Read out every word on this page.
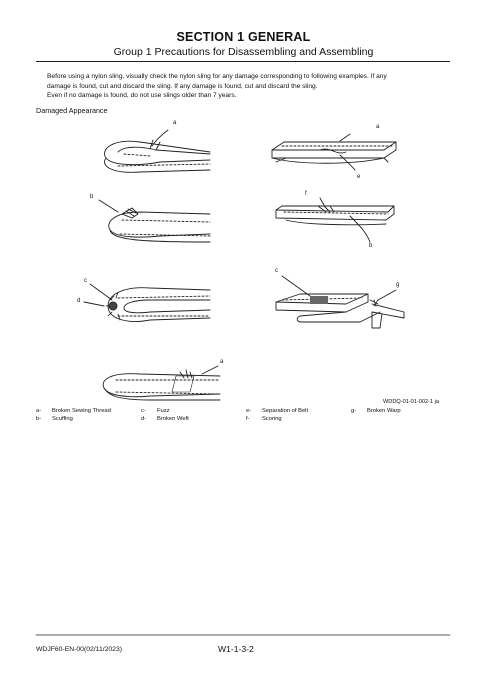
SECTION 1 GENERAL
Group 1 Precautions for Disassembling and Assembling
Before using a nylon sling, visually check the nylon sling for any damage corresponding to following examples. If any
damage is found, cut and discard the sling. If any damage is found, cut and discard the sling.
Even if no damage is found, do not use slings older than 7 years.
Damaged Appearance
a
a
e
b	f
b
c
d
c
g
a
WDDQ-01-01-002-1 ja
a- Broken Sewing Thread
b- Scuffing
c- Fuzz
d- Broken Weft
e- Separation of Belt
f- Scoring
g- Broken Warp
WDJF60-EN-00(02/11/2023)	W1-1-3-2
